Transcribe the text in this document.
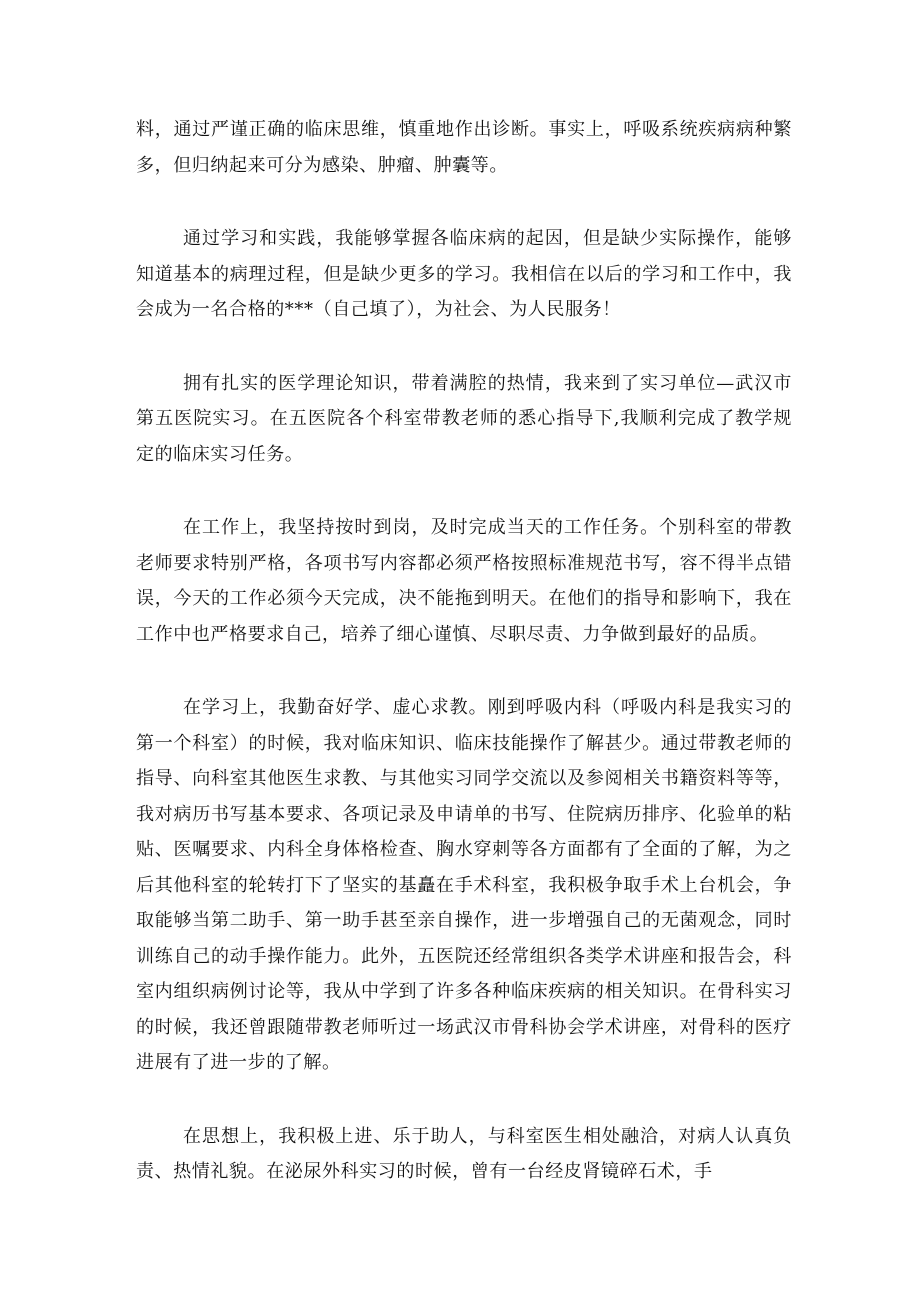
料，通过严谨正确的临床思维，慎重地作出诊断。事实上，呼吸系统疾病病种繁多，但归纳起来可分为感染、肿瘤、肿囊等。

通过学习和实践，我能够掌握各临床病的起因，但是缺少实际操作，能够知道基本的病理过程，但是缺少更多的学习。我相信在以后的学习和工作中，我会成为一名合格的***（自己填了），为社会、为人民服务！

拥有扎实的医学理论知识，带着满腔的热情，我来到了实习单位—武汉市第五医院实习。在五医院各个科室带教老师的悉心指导下,我顺利完成了教学规定的临床实习任务。

在工作上，我坚持按时到岗，及时完成当天的工作任务。个别科室的带教老师要求特别严格，各项书写内容都必须严格按照标准规范书写，容不得半点错误，今天的工作必须今天完成，决不能拖到明天。在他们的指导和影响下，我在工作中也严格要求自己，培养了细心谨慎、尽职尽责、力争做到最好的品质。

在学习上，我勤奋好学、虚心求教。刚到呼吸内科（呼吸内科是我实习的第一个科室）的时候，我对临床知识、临床技能操作了解甚少。通过带教老师的指导、向科室其他医生求教、与其他实习同学交流以及参阅相关书籍资料等等，我对病历书写基本要求、各项记录及申请单的书写、住院病历排序、化验单的粘贴、医嘱要求、内科全身体格检查、胸水穿刺等各方面都有了全面的了解，为之后其他科室的轮转打下了坚实的基矗在手术科室，我积极争取手术上台机会，争取能够当第二助手、第一助手甚至亲自操作，进一步增强自己的无菌观念，同时训练自己的动手操作能力。此外，五医院还经常组织各类学术讲座和报告会，科室内组织病例讨论等，我从中学到了许多各种临床疾病的相关知识。在骨科实习的时候，我还曾跟随带教老师听过一场武汉市骨科协会学术讲座，对骨科的医疗进展有了进一步的了解。

在思想上，我积极上进、乐于助人，与科室医生相处融洽，对病人认真负责、热情礼貌。在泌尿外科实习的时候，曾有一台经皮肾镜碎石术，手
